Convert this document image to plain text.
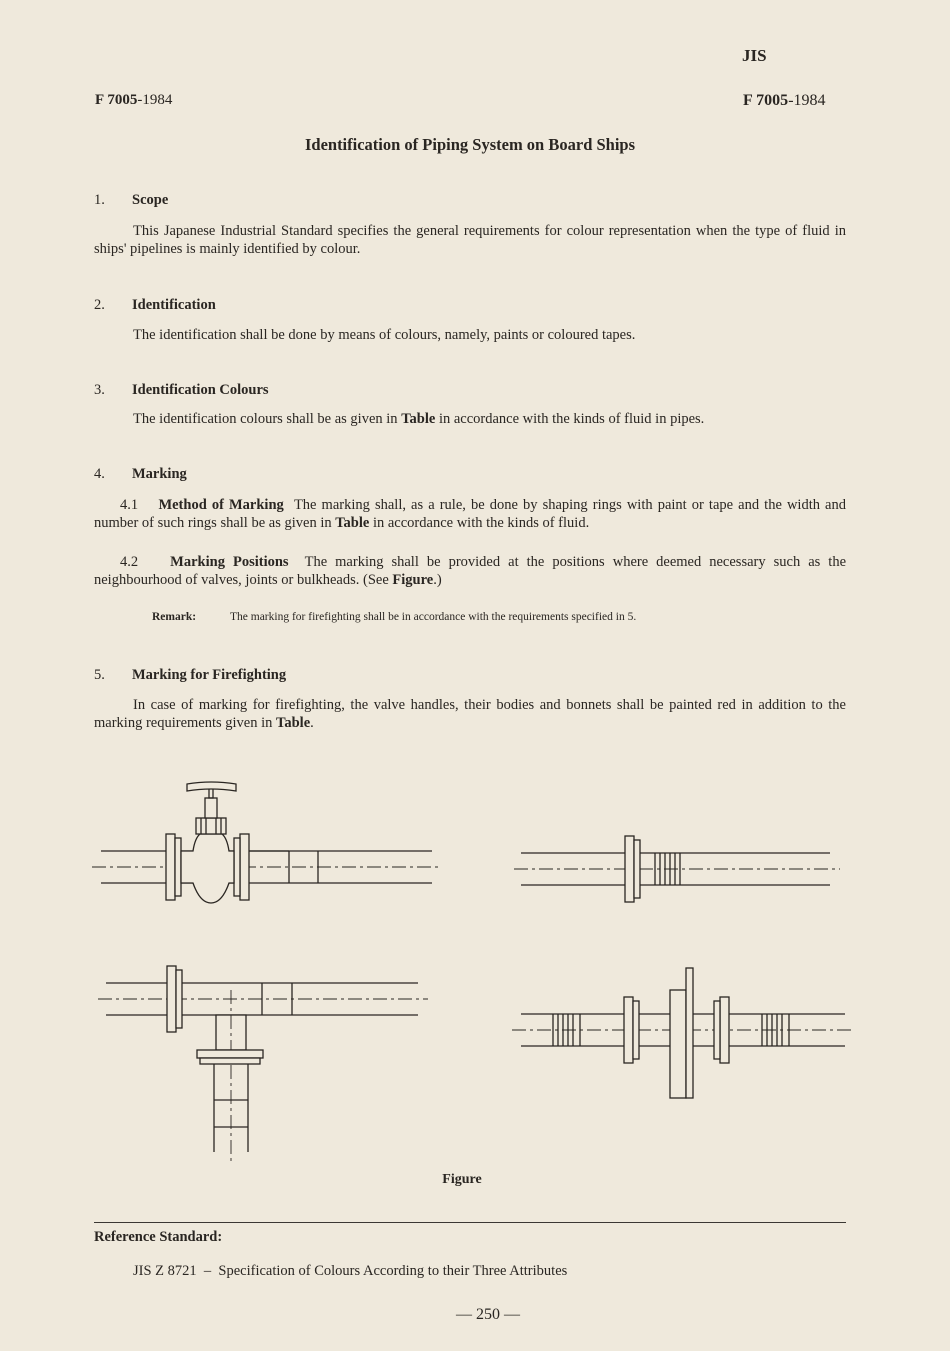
JIS
F 7005-1984	F 7005-1984
Identification of Piping System on Board Ships
1. Scope
This Japanese Industrial Standard specifies the general requirements for colour representation when the type of fluid in ships' pipelines is mainly identified by colour.
2. Identification
The identification shall be done by means of colours, namely, paints or coloured tapes.
3. Identification Colours
The identification colours shall be as given in Table in accordance with the kinds of fluid in pipes.
4. Marking
4.1 Method of Marking The marking shall, as a rule, be done by shaping rings with paint or tape and the width and number of such rings shall be as given in Table in accordance with the kinds of fluid.
4.2 Marking Positions The marking shall be provided at the positions where deemed necessary such as the neighbourhood of valves, joints or bulkheads. (See Figure.)
Remark:	The marking for firefighting shall be in accordance with the requirements specified in 5.
5. Marking for Firefighting
In case of marking for firefighting, the valve handles, their bodies and bonnets shall be painted red in addition to the marking requirements given in Table.
Figure
Reference Standard:
JIS Z 8721 – Specification of Colours According to their Three Attributes
— 250 —
